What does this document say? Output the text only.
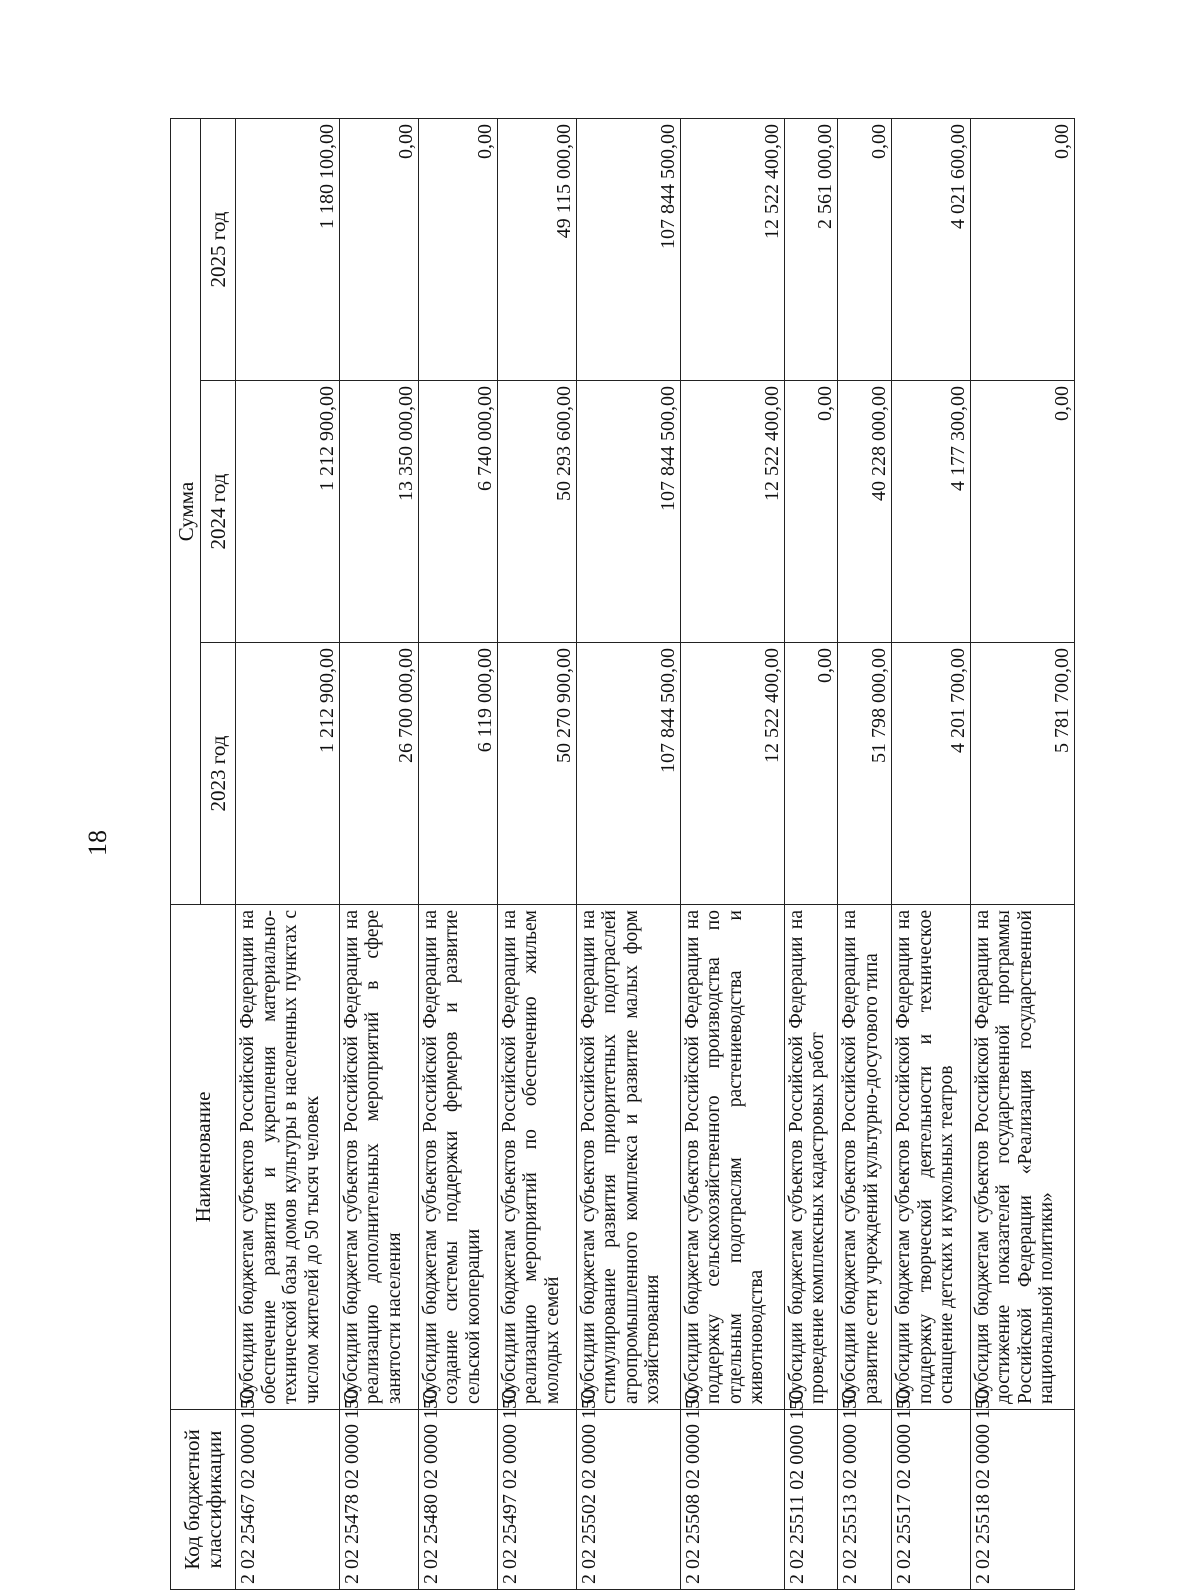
18
Код бюджетной классификации	Наименование	Сумма		
		2023 год	2024 год	2025 год
2 02 25467 02 0000 150	Субсидии бюджетам субъектов Российской Федерации на обеспечение развития и укрепления материально-технической базы домов культуры в населенных пунктах с числом жителей до 50 тысяч человек	1 212 900,00	1 212 900,00	1 180 100,00
2 02 25478 02 0000 150	Субсидии бюджетам субъектов Российской Федерации на реализацию дополнительных мероприятий в сфере занятости населения	26 700 000,00	13 350 000,00	0,00
2 02 25480 02 0000 150	Субсидии бюджетам субъектов Российской Федерации на создание системы поддержки фермеров и развитие сельской кооперации	6 119 000,00	6 740 000,00	0,00
2 02 25497 02 0000 150	Субсидии бюджетам субъектов Российской Федерации на реализацию мероприятий по обеспечению жильем молодых семей	50 270 900,00	50 293 600,00	49 115 000,00
2 02 25502 02 0000 150	Субсидии бюджетам субъектов Российской Федерации на стимулирование развития приоритетных подотраслей агропромышленного комплекса и развитие малых форм хозяйствования	107 844 500,00	107 844 500,00	107 844 500,00
2 02 25508 02 0000 150	Субсидии бюджетам субъектов Российской Федерации на поддержку сельскохозяйственного производства по отдельным подотраслям растениеводства и животноводства	12 522 400,00	12 522 400,00	12 522 400,00
2 02 25511 02 0000 150	Субсидии бюджетам субъектов Российской Федерации на проведение комплексных кадастровых работ	0,00	0,00	2 561 000,00
2 02 25513 02 0000 150	Субсидии бюджетам субъектов Российской Федерации на развитие сети учреждений культурно-досугового типа	51 798 000,00	40 228 000,00	0,00
2 02 25517 02 0000 150	Субсидии бюджетам субъектов Российской Федерации на поддержку творческой деятельности и техническое оснащение детских и кукольных театров	4 201 700,00	4 177 300,00	4 021 600,00
2 02 25518 02 0000 150	Субсидия бюджетам субъектов Российской Федерации на достижение показателей государственной программы Российской Федерации «Реализация государственной национальной политики»	5 781 700,00	0,00	0,00
